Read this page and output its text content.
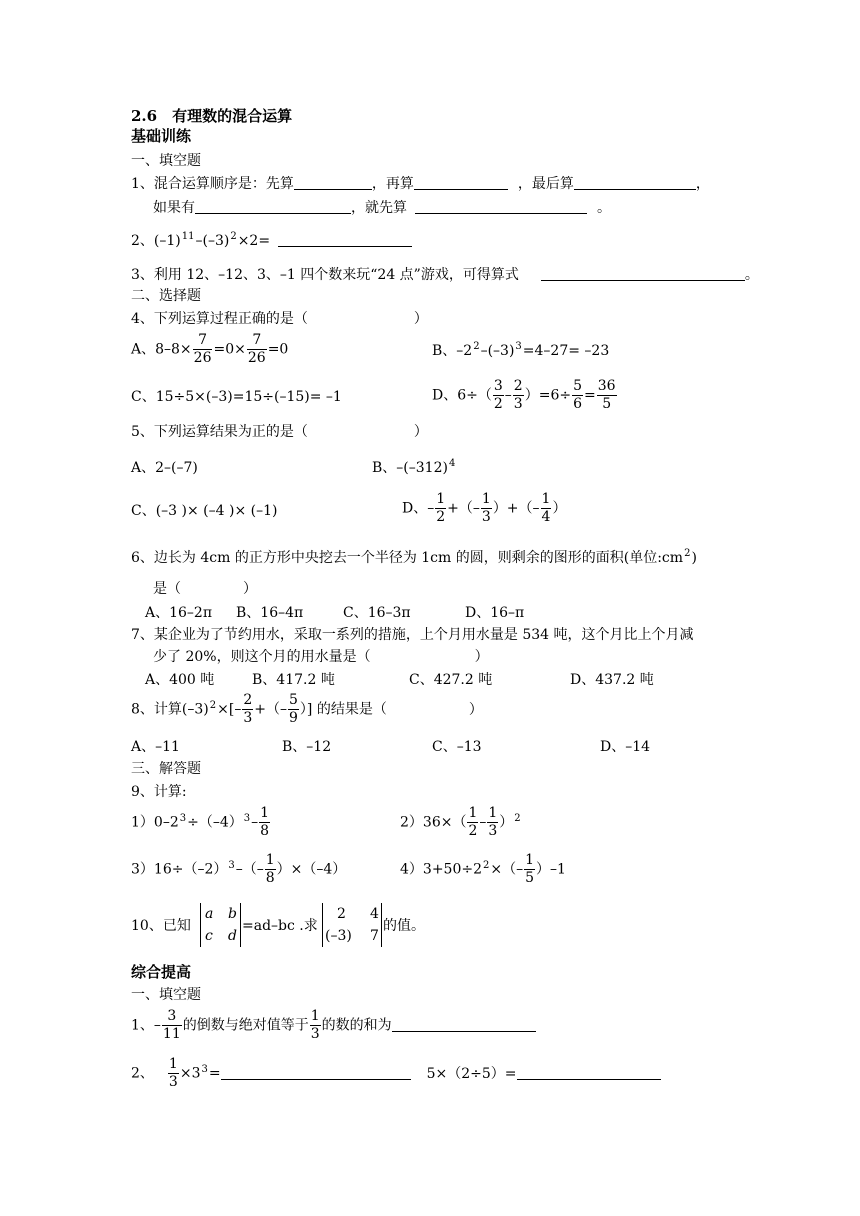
2.6　有理数的混合运算
基础训练
一、填空题
1、混合运算顺序是：先算	，再算	，最后算	，
如果有	，就先算	。
2、$(-1)^{11}-(-3)^2\times 2=$
3、利用 12、–12、3、–1 四个数来玩“24 点”游戏，可得算式	。
二、选择题
4、下列运算过程正确的是（	）
A、$8-8\times \frac{7}{26} =0\times \frac{7}{26} =0$	B、$-2^2-(-3)^3=4-27= -23$
C、15÷5×(–3)=15÷(–15)= –1	D、$6\div( \frac{3}{2} - \frac{2}{3} )=6\div \frac{5}{6} = \frac{36}{5}$
5、下列运算结果为正的是（	）
A、2–(–7)	B、$-(-312)^4$
C、(–3 )× (–4 )× (–1)	D、– $\frac{1}{2}$ +（– $\frac{1}{3}$ ）+（– $\frac{1}{4}$ ）
6、边长为 4cm 的正方形中央挖去一个半径为 1cm 的圆，则剩余的图形的面积(单位$:cm^2$)
是（	）
A、16–2π B、16–4π	C、16–3π	D、16–π
7、某企业为了节约用水，采取一系列的措施，上个月用水量是 534 吨，这个月比上个月减
少了 20%，则这个月的用水量是（	）
A、400 吨	B、417.2 吨	C、427.2 吨	D、437.2 吨
8、计算$(-3)^2\times[- \frac{2}{3}$ +（– $\frac{5}{9}$ ）] 的结果是（	）
A、–11	B、–12	C、–13	D、–14
三、解答题
9、计算:
$1)0-2^3\div(-4)^3- \frac{1}{8}$	$2)36\times( \frac{1}{2} - \frac{1}{3} )^2$
$3)16\div(-2)^3-(- \frac{1}{8} )\times(-4)$	$4)3+50\div 2^2\times(- \frac{1}{5} )-1$
10、已知
a b
c d
=ad–bc .求
2 4
(–3) 7
的值。
综合提高
一、填空题
1、– $\frac{3}{11}$ 的倒数与绝对值等于 $\frac{1}{3}$ 的数的和为
2、 $\frac{1}{3} \times 3^3=$	5×（2÷5）=
